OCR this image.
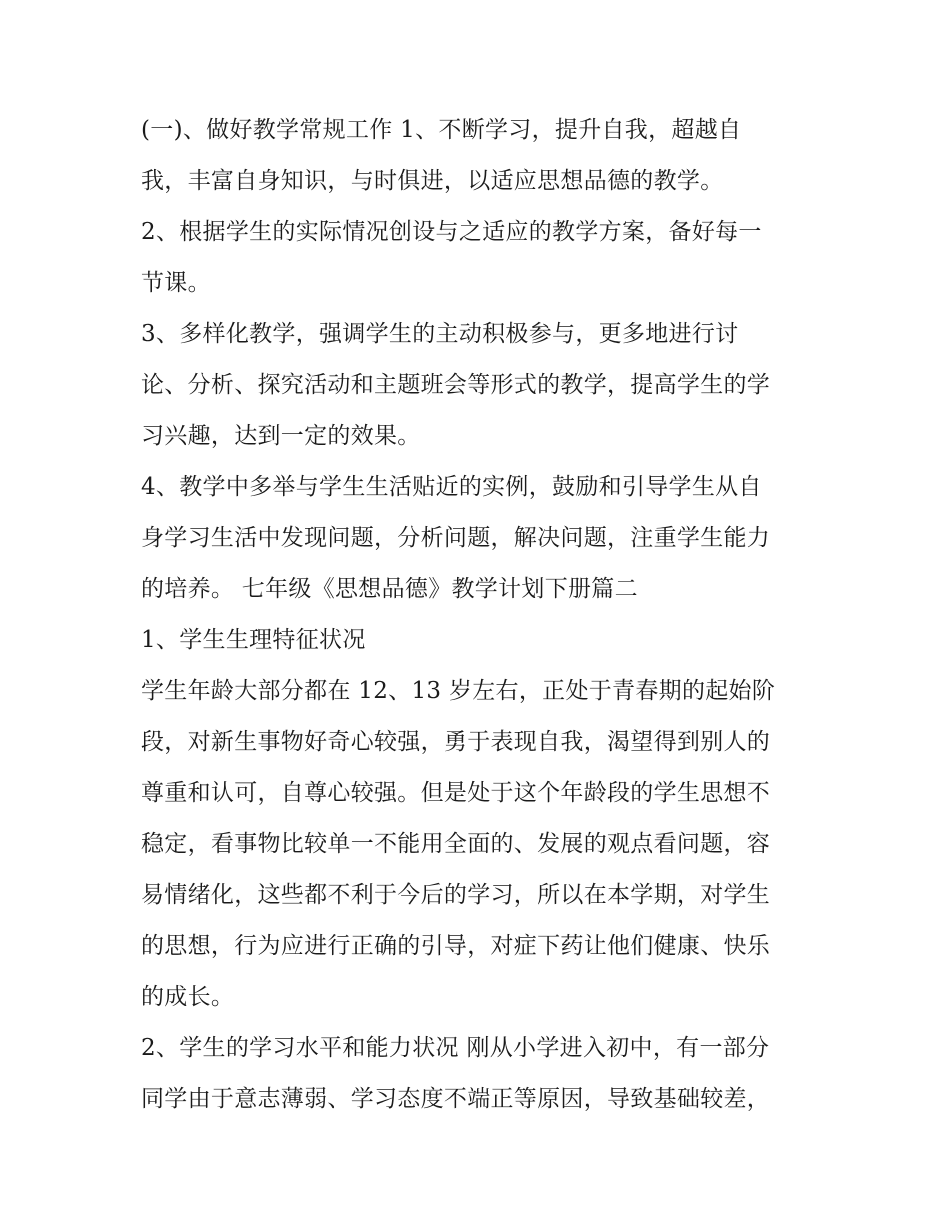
(一)、做好教学常规工作 1、不断学习，提升自我，超越自
我，丰富自身知识，与时俱进，以适应思想品德的教学。
2、根据学生的实际情况创设与之适应的教学方案，备好每一
节课。
3、多样化教学，强调学生的主动积极参与，更多地进行讨
论、分析、探究活动和主题班会等形式的教学，提高学生的学
习兴趣，达到一定的效果。
4、教学中多举与学生生活贴近的实例，鼓励和引导学生从自
身学习生活中发现问题，分析问题，解决问题，注重学生能力
的培养。 七年级《思想品德》教学计划下册篇二
1、学生生理特征状况
学生年龄大部分都在 12、13 岁左右，正处于青春期的起始阶
段，对新生事物好奇心较强，勇于表现自我，渴望得到别人的
尊重和认可，自尊心较强。但是处于这个年龄段的学生思想不
稳定，看事物比较单一不能用全面的、发展的观点看问题，容
易情绪化，这些都不利于今后的学习，所以在本学期，对学生
的思想，行为应进行正确的引导，对症下药让他们健康、快乐
的成长。
2、学生的学习水平和能力状况 刚从小学进入初中，有一部分
同学由于意志薄弱、学习态度不端正等原因，导致基础较差，
